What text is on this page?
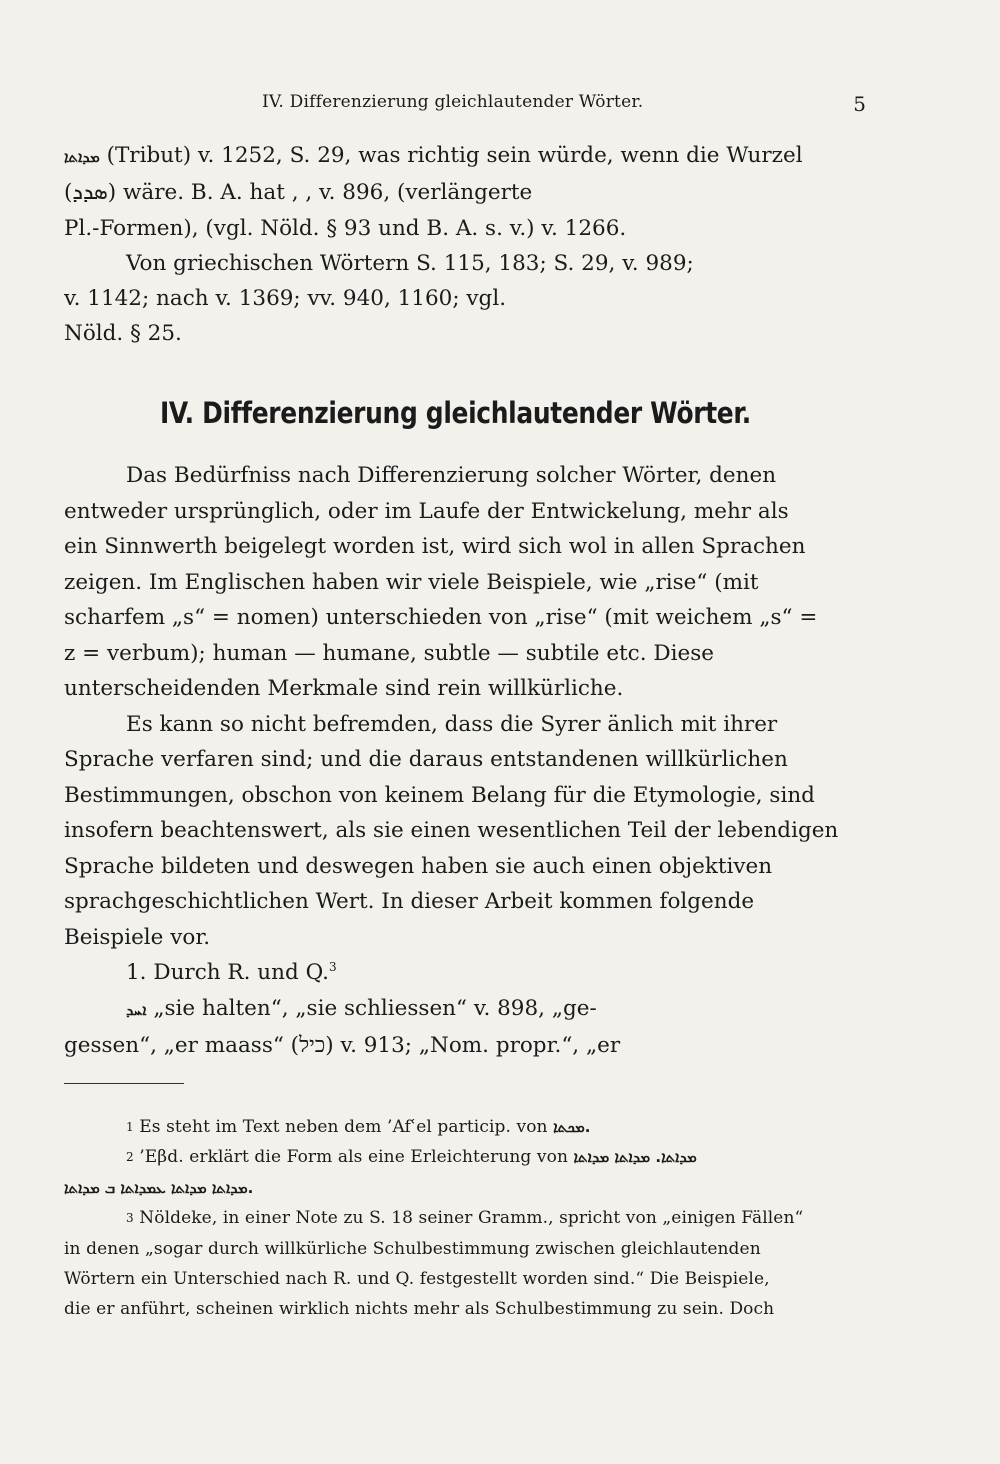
IV. Differenzierung gleichlautender Wörter.	5
ܡܕܐܬܐ (Tribut) v. 1252, S. 29, was richtig sein würde, wenn die Wurzel
(ܣܕܕ) wäre. B. A. hat , , v. 896, (verlängerte
Pl.-Formen), (vgl. Nöld. § 93 und B. A. s. v.) v. 1266.
Von griechischen Wörtern S. 115, 183; S. 29, v. 989;
v. 1142; nach v. 1369; vv. 940, 1160; vgl.
Nöld. § 25.
IV. Differenzierung gleichlautender Wörter.
Das Bedürfniss nach Differenzierung solcher Wörter, denen
entweder ursprünglich, oder im Laufe der Entwickelung, mehr als
ein Sinnwerth beigelegt worden ist, wird sich wol in allen Sprachen
zeigen. Im Englischen haben wir viele Beispiele, wie „rise“ (mit
scharfem „s“ = nomen) unterschieden von „rise“ (mit weichem „s“ =
z = verbum); human — humane, subtle — subtile etc. Diese
unterscheidenden Merkmale sind rein willkürliche.
Es kann so nicht befremden, dass die Syrer änlich mit ihrer
Sprache verfaren sind; und die daraus entstandenen willkürlichen
Bestimmungen, obschon von keinem Belang für die Etymologie, sind
insofern beachtenswert, als sie einen wesentlichen Teil der lebendigen
Sprache bildeten und deswegen haben sie auch einen objektiven
sprachgeschichtlichen Wert. In dieser Arbeit kommen folgende
Beispiele vor.
1. Durch R. und Q.$^3$
ܐܚܕ „sie halten“, „sie schliessen“ v. 898, „ge-
gessen“, „er maass“ (כיל) v. 913; „Nom. propr.“, „er
$^1$ Es steht im Text neben dem ’Afʿel particip. von ܡܟܬܐ.
$^2$ ’Eβd. erklärt die Form als eine Erleichterung von ܡܕܐܬܐ. ܡܕܐܬܐ ܡܕܐܬܐ
ܡܕܐܬܐ ܡܕܐܬܐ ܥܡܕܐܬܐ ܒ ܡܕܐܬܐ.
$^3$ Nöldeke, in einer Note zu S. 18 seiner Gramm., spricht von „einigen Fällen“
in denen „sogar durch willkürliche Schulbestimmung zwischen gleichlautenden
Wörtern ein Unterschied nach R. und Q. festgestellt worden sind.“ Die Beispiele,
die er anführt, scheinen wirklich nichts mehr als Schulbestimmung zu sein. Doch
